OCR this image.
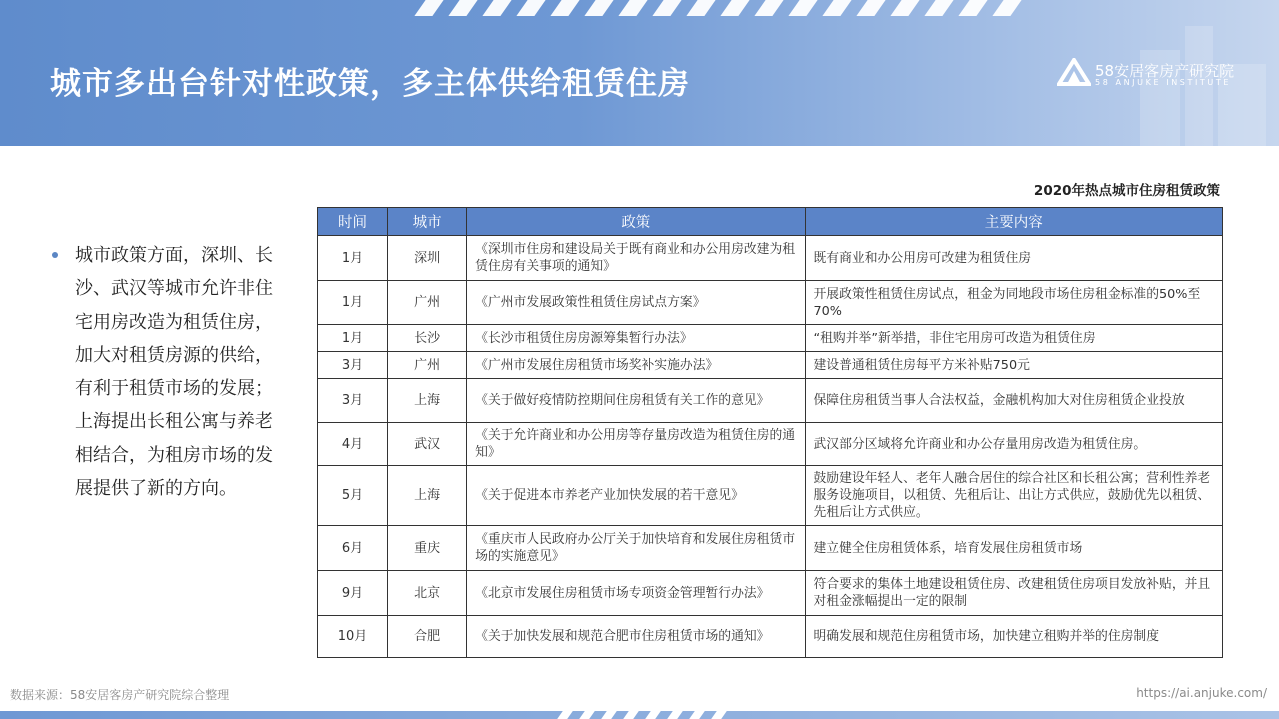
城市多出台针对性政策，多主体供给租赁住房	58安居客房产研究院
58 ANJUKE INSTITUTE
城市政策方面，深圳、长沙、武汉等城市允许非住宅用房改造为租赁住房，加大对租赁房源的供给，有利于租赁市场的发展；上海提出长租公寓与养老相结合，为租房市场的发展提供了新的方向。
2020年热点城市住房租赁政策
时间	城市	政策	主要内容
1月	深圳	《深圳市住房和建设局关于既有商业和办公用房改建为租赁住房有关事项的通知》	既有商业和办公用房可改建为租赁住房
1月	广州	《广州市发展政策性租赁住房试点方案》	开展政策性租赁住房试点，租金为同地段市场住房租金标准的50%至70%
1月	长沙	《长沙市租赁住房房源筹集暂行办法》	“租购并举”新举措，非住宅用房可改造为租赁住房
3月	广州	《广州市发展住房租赁市场奖补实施办法》	建设普通租赁住房每平方米补贴750元
3月	上海	《关于做好疫情防控期间住房租赁有关工作的意见》	保障住房租赁当事人合法权益，金融机构加大对住房租赁企业投放
4月	武汉	《关于允许商业和办公用房等存量房改造为租赁住房的通知》	武汉部分区域将允许商业和办公存量用房改造为租赁住房。
5月	上海	《关于促进本市养老产业加快发展的若干意见》	鼓励建设年轻人、老年人融合居住的综合社区和长租公寓；营利性养老服务设施项目，以租赁、先租后让、出让方式供应，鼓励优先以租赁、先租后让方式供应。
6月	重庆	《重庆市人民政府办公厅关于加快培育和发展住房租赁市场的实施意见》	建立健全住房租赁体系，培育发展住房租赁市场
9月	北京	《北京市发展住房租赁市场专项资金管理暂行办法》	符合要求的集体土地建设租赁住房、改建租赁住房项目发放补贴，并且对租金涨幅提出一定的限制
10月	合肥	《关于加快发展和规范合肥市住房租赁市场的通知》	明确发展和规范住房租赁市场，加快建立租购并举的住房制度
数据来源：58安居客房产研究院综合整理	https://ai.anjuke.com/
